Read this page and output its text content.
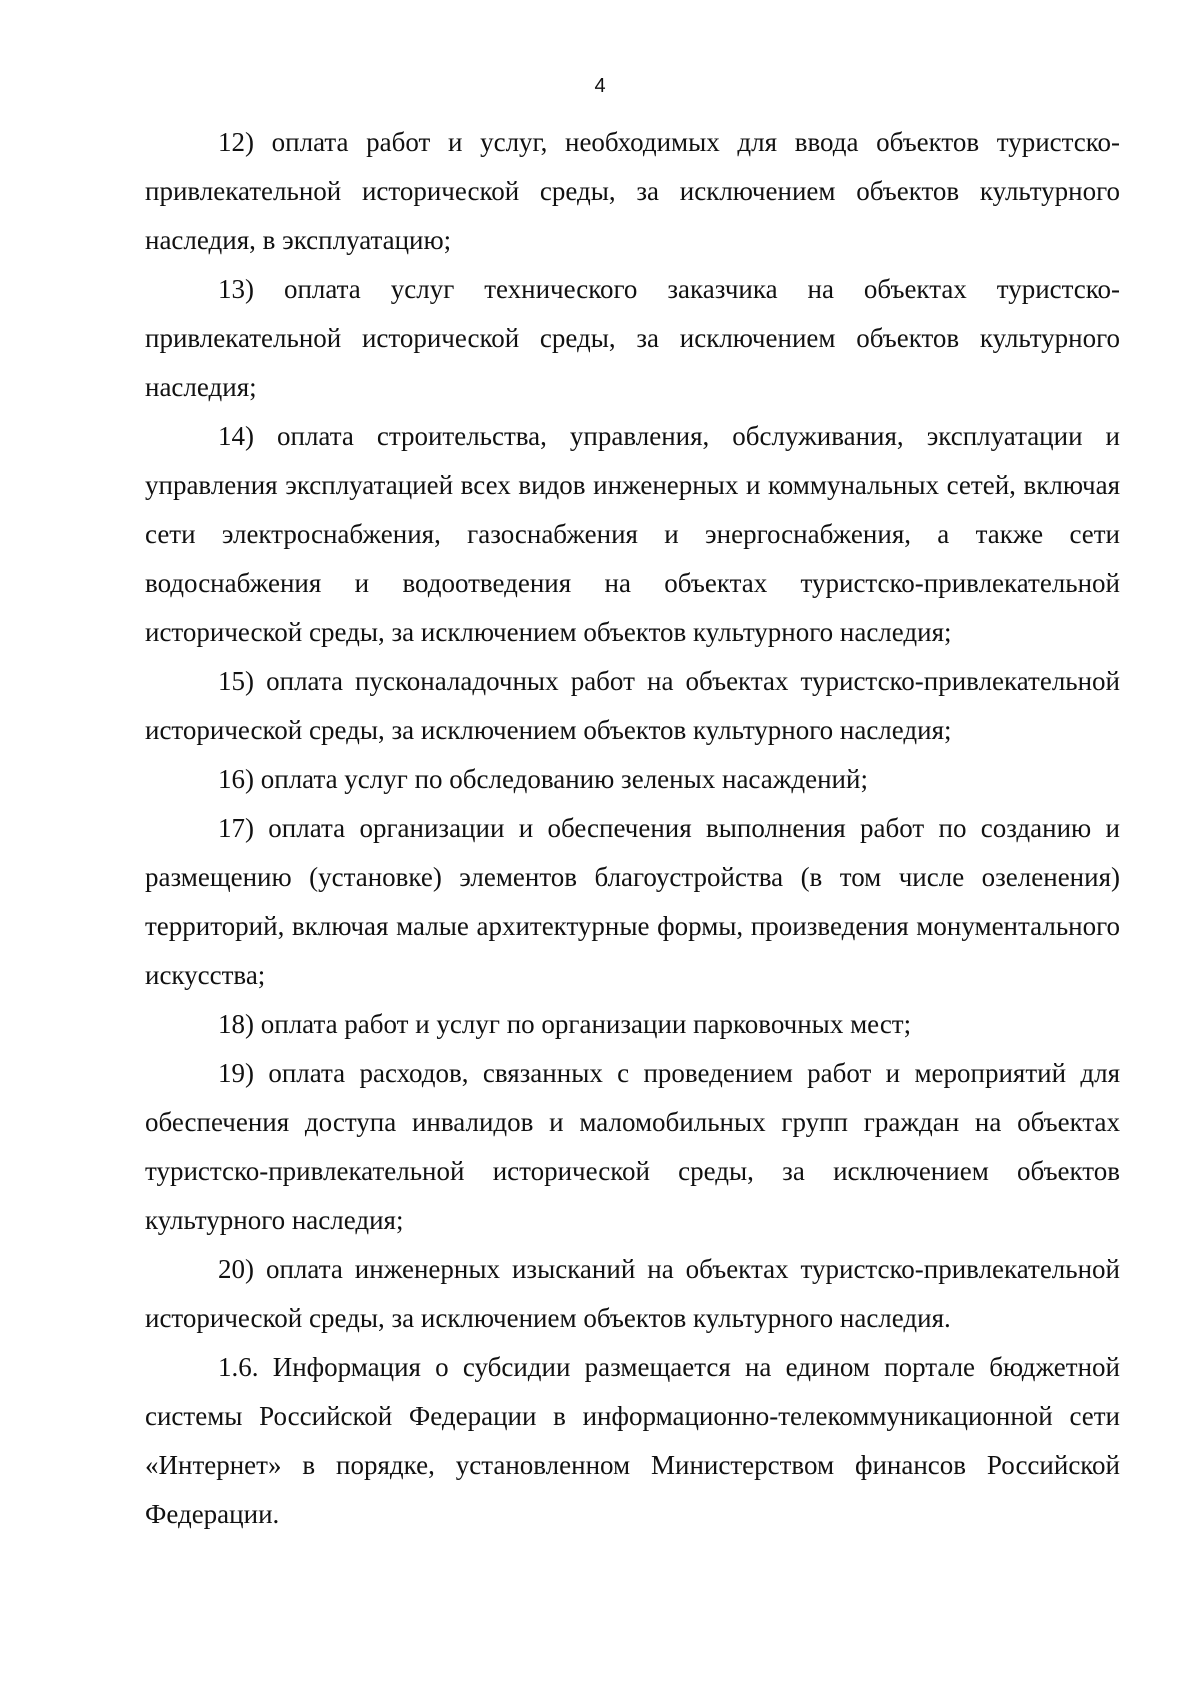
4

12) оплата работ и услуг, необходимых для ввода объектов туристско-привлекательной исторической среды, за исключением объектов культурного наследия, в эксплуатацию;

13) оплата услуг технического заказчика на объектах туристско-привлекательной исторической среды, за исключением объектов культурного наследия;

14) оплата строительства, управления, обслуживания, эксплуатации и управления эксплуатацией всех видов инженерных и коммунальных сетей, включая сети электроснабжения, газоснабжения и энергоснабжения, а также сети водоснабжения и водоотведения на объектах туристско-привлекательной исторической среды, за исключением объектов культурного наследия;

15) оплата пусконаладочных работ на объектах туристско-привлекательной исторической среды, за исключением объектов культурного наследия;

16) оплата услуг по обследованию зеленых насаждений;

17) оплата организации и обеспечения выполнения работ по созданию и размещению (установке) элементов благоустройства (в том числе озеленения) территорий, включая малые архитектурные формы, произведения монументального искусства;

18) оплата работ и услуг по организации парковочных мест;

19) оплата расходов, связанных с проведением работ и мероприятий для обеспечения доступа инвалидов и маломобильных групп граждан на объектах туристско-привлекательной исторической среды, за исключением объектов культурного наследия;

20) оплата инженерных изысканий на объектах туристско-привлекательной исторической среды, за исключением объектов культурного наследия.

1.6. Информация о субсидии размещается на едином портале бюджетной системы Российской Федерации в информационно-телекоммуникационной сети «Интернет» в порядке, установленном Министерством финансов Российской Федерации.
